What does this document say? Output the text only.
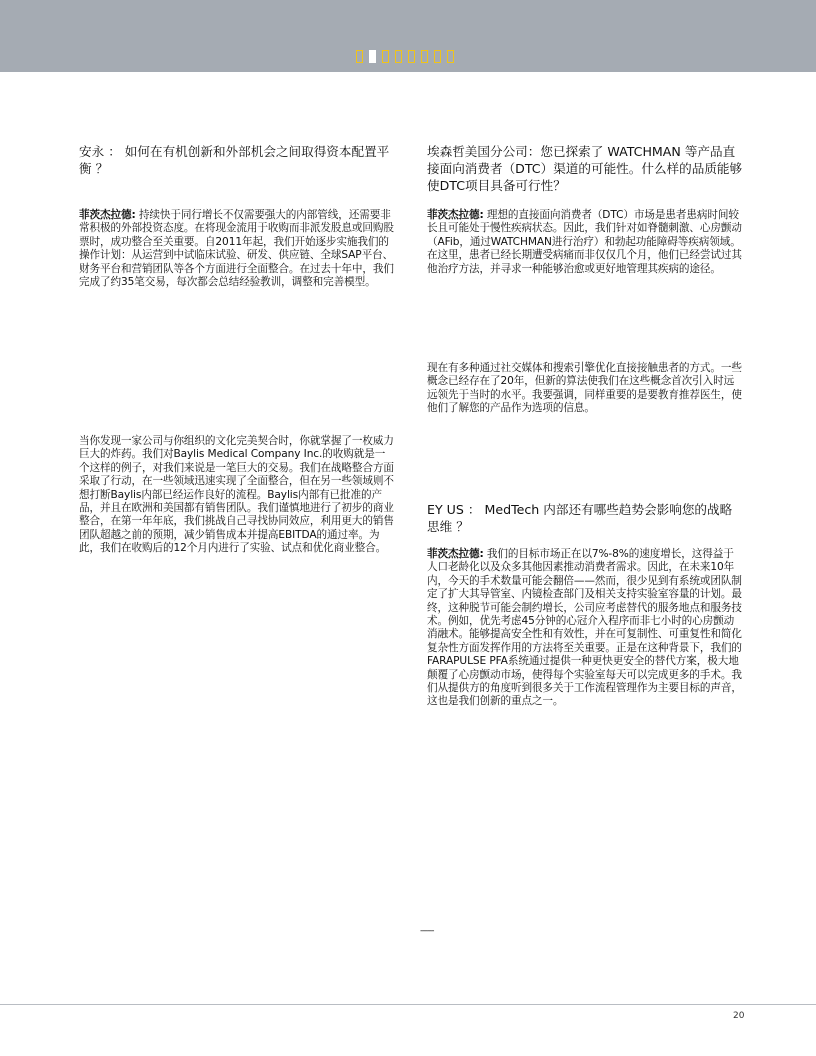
安永 ： 如何在有机创新和外部机会之间取得资本配置平衡 ？

菲茨杰拉德: 持续快于同行增长不仅需要强大的内部管线，还需要非常积极的外部投资态度。在将现金流用于收购而非派发股息或回购股票时，成功整合至关重要。自2011年起，我们开始逐步实施我们的操作计划：从运营到中试临床试验、研发、供应链、全球SAP平台、财务平台和营销团队等各个方面进行全面整合。在过去十年中，我们完成了约35笔交易，每次都会总结经验教训，调整和完善模型。

当你发现一家公司与你组织的文化完美契合时，你就掌握了一枚威力巨大的炸药。我们对Baylis Medical Company Inc.的收购就是一个这样的例子，对我们来说是一笔巨大的交易。我们在战略整合方面采取了行动，在一些领域迅速实现了全面整合，但在另一些领域则不想打断Baylis内部已经运作良好的流程。Baylis内部有已批准的产品，并且在欧洲和美国都有销售团队。我们谨慎地进行了初步的商业整合，在第一年年底，我们挑战自己寻找协同效应，利用更大的销售团队超越之前的预期，减少销售成本并提高EBITDA的通过率。为此，我们在收购后的12个月内进行了实验、试点和优化商业整合。

埃森哲美国分公司：您已探索了 WATCHMAN 等产品直接面向消费者（DTC）渠道的可能性。什么样的品质能够使DTC项目具备可行性？

菲茨杰拉德: 理想的直接面向消费者（DTC）市场是患者患病时间较长且可能处于慢性疾病状态。因此，我们针对如脊髓刺激、心房颤动（AFib，通过WATCHMAN进行治疗）和勃起功能障碍等疾病领域。在这里，患者已经长期遭受病痛而非仅仅几个月，他们已经尝试过其他治疗方法，并寻求一种能够治愈或更好地管理其疾病的途径。

现在有多种通过社交媒体和搜索引擎优化直接接触患者的方式。一些概念已经存在了20年，但新的算法使我们在这些概念首次引入时远远领先于当时的水平。我要强调，同样重要的是要教育推荐医生，使他们了解您的产品作为选项的信息。

EY US ： MedTech 内部还有哪些趋势会影响您的战略思维 ？

菲茨杰拉德: 我们的目标市场正在以7%-8%的速度增长，这得益于人口老龄化以及众多其他因素推动消费者需求。因此，在未来10年内，今天的手术数量可能会翻倍——然而，很少见到有系统或团队制定了扩大其导管室、内镜检查部门及相关支持实验室容量的计划。最终，这种脱节可能会制约增长，公司应考虑替代的服务地点和服务技术。例如，优先考虑45分钟的心冠介入程序而非七小时的心房颤动消融术。能够提高安全性和有效性，并在可复制性、可重复性和简化复杂性方面发挥作用的方法将至关重要。正是在这种背景下，我们的FARAPULSE PFA系统通过提供一种更快更安全的替代方案，极大地颠覆了心房颤动市场，使得每个实验室每天可以完成更多的手术。我们从提供方的角度听到很多关于工作流程管理作为主要目标的声音，这也是我们创新的重点之一。

------
20
